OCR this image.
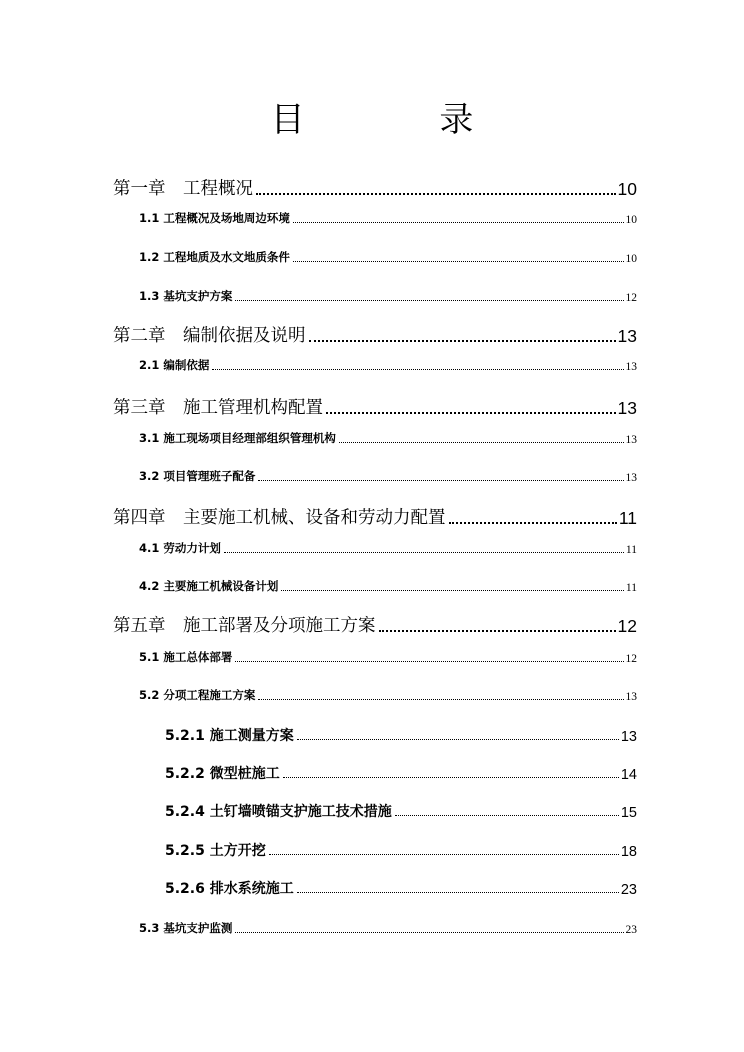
目 录
第一章　工程概况	10
1.1 工程概况及场地周边环境	10
1.2 工程地质及水文地质条件	10
1.3 基坑支护方案	12
第二章　编制依据及说明	13
2.1 编制依据	13
第三章　施工管理机构配置	13
3.1 施工现场项目经理部组织管理机构	13
3.2 项目管理班子配备	13
第四章　主要施工机械、设备和劳动力配置	11
4.1 劳动力计划	11
4.2 主要施工机械设备计划	11
第五章　施工部署及分项施工方案	12
5.1 施工总体部署	12
5.2 分项工程施工方案	13
5.2.1 施工测量方案	13
5.2.2 微型桩施工	14
5.2.4 土钉墙喷锚支护施工技术措施	15
5.2.5 土方开挖	18
5.2.6 排水系统施工	23
5.3 基坑支护监测	23
